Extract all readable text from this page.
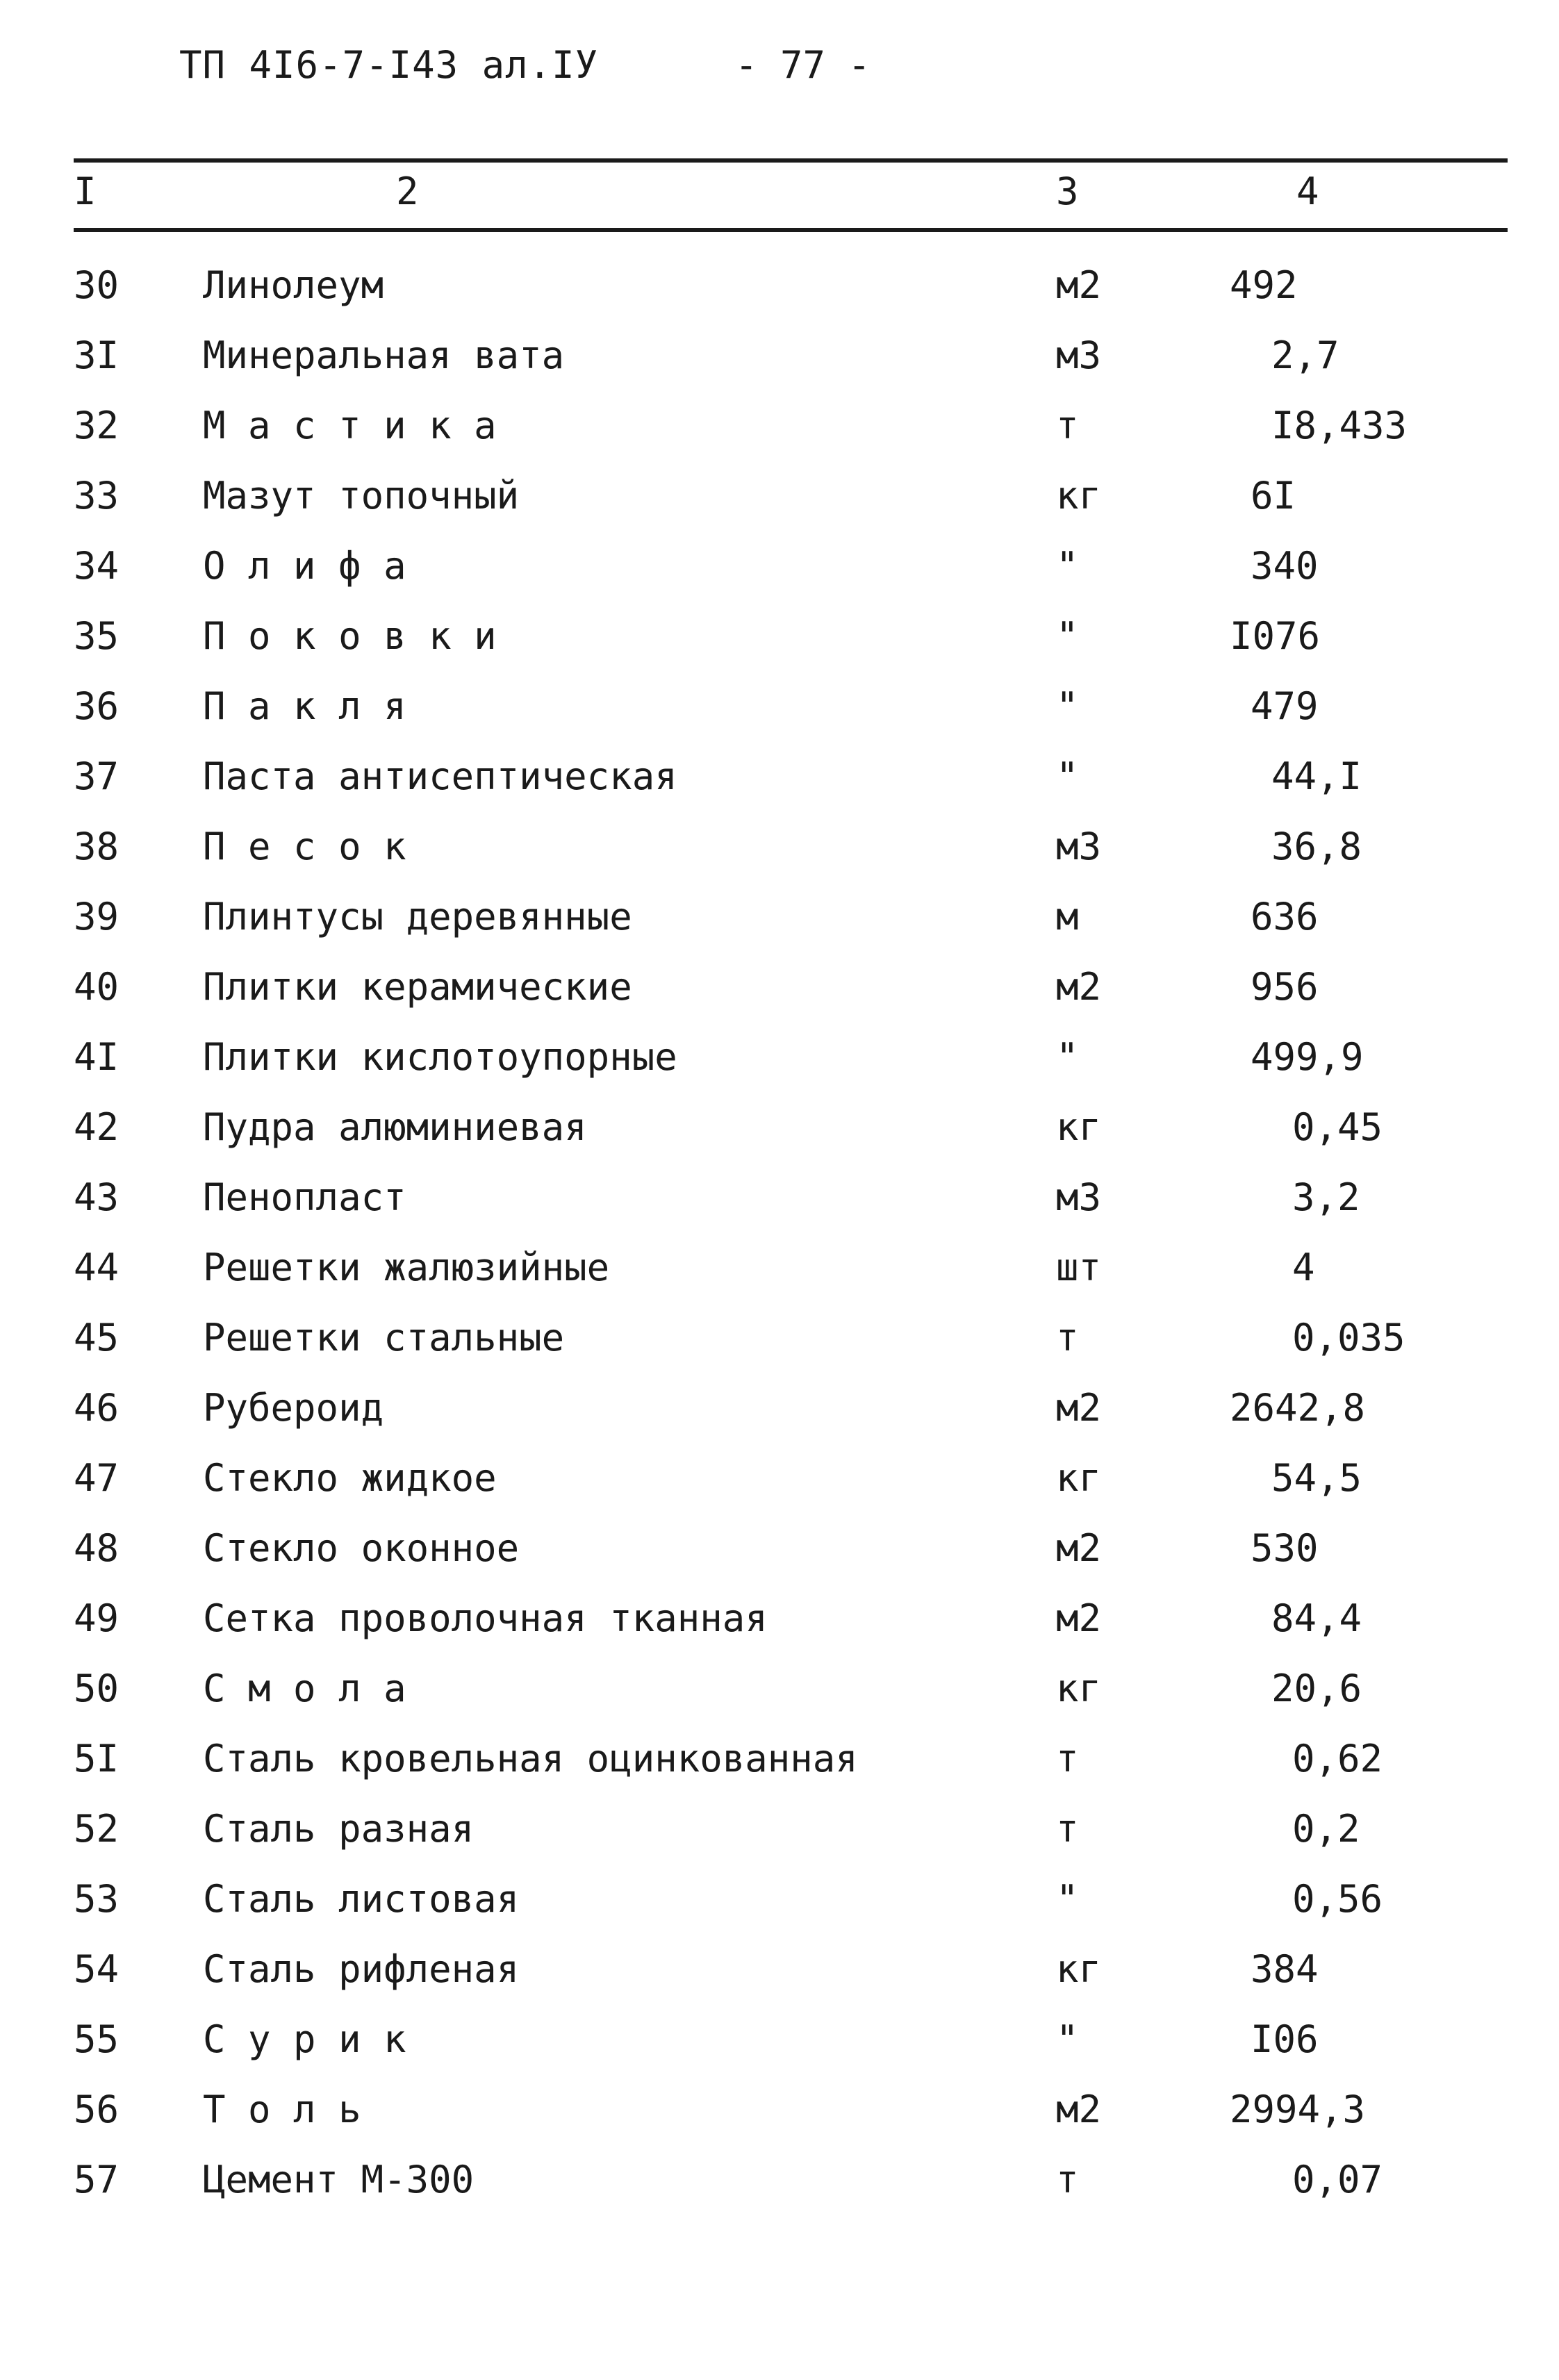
ТП 4I6-7-I43 ал.IУ	- 77 -
I	2	3	4
30 Линолеум	м2	492
3I Минеральная вата	м3	2,7
32 М а с т и к а	т	I8,433
33 Мазут топочный	кг	6I
34 О л и ф а	"	340
35 П о к о в к и	"	I076
36 П а к л я	"	479
37 Паста антисептическая	"	44,I
38 П е с о к	м3	36,8
39 Плинтусы деревянные	м	636
40 Плитки керамические	м2	956
4I Плитки кислотоупорные	"	499,9
42 Пудра алюминиевая	кг	0,45
43 Пенопласт	м3	3,2
44 Решетки жалюзийные	шт	4
45 Решетки стальные	т	0,035
46 Рубероид	м2	2642,8
47 Стекло жидкое	кг	54,5
48 Стекло оконное	м2	530
49 Сетка проволочная тканная	м2	84,4
50 С м о л а	кг	20,6
5I Сталь кровельная оцинкованная	т	0,62
52 Сталь разная	т	0,2
53 Сталь листовая	"	0,56
54 Сталь рифленая	кг	384
55 С у р и к	"	I06
56 Т о л ь	м2	2994,3
57 Цемент М-300	т	0,07
